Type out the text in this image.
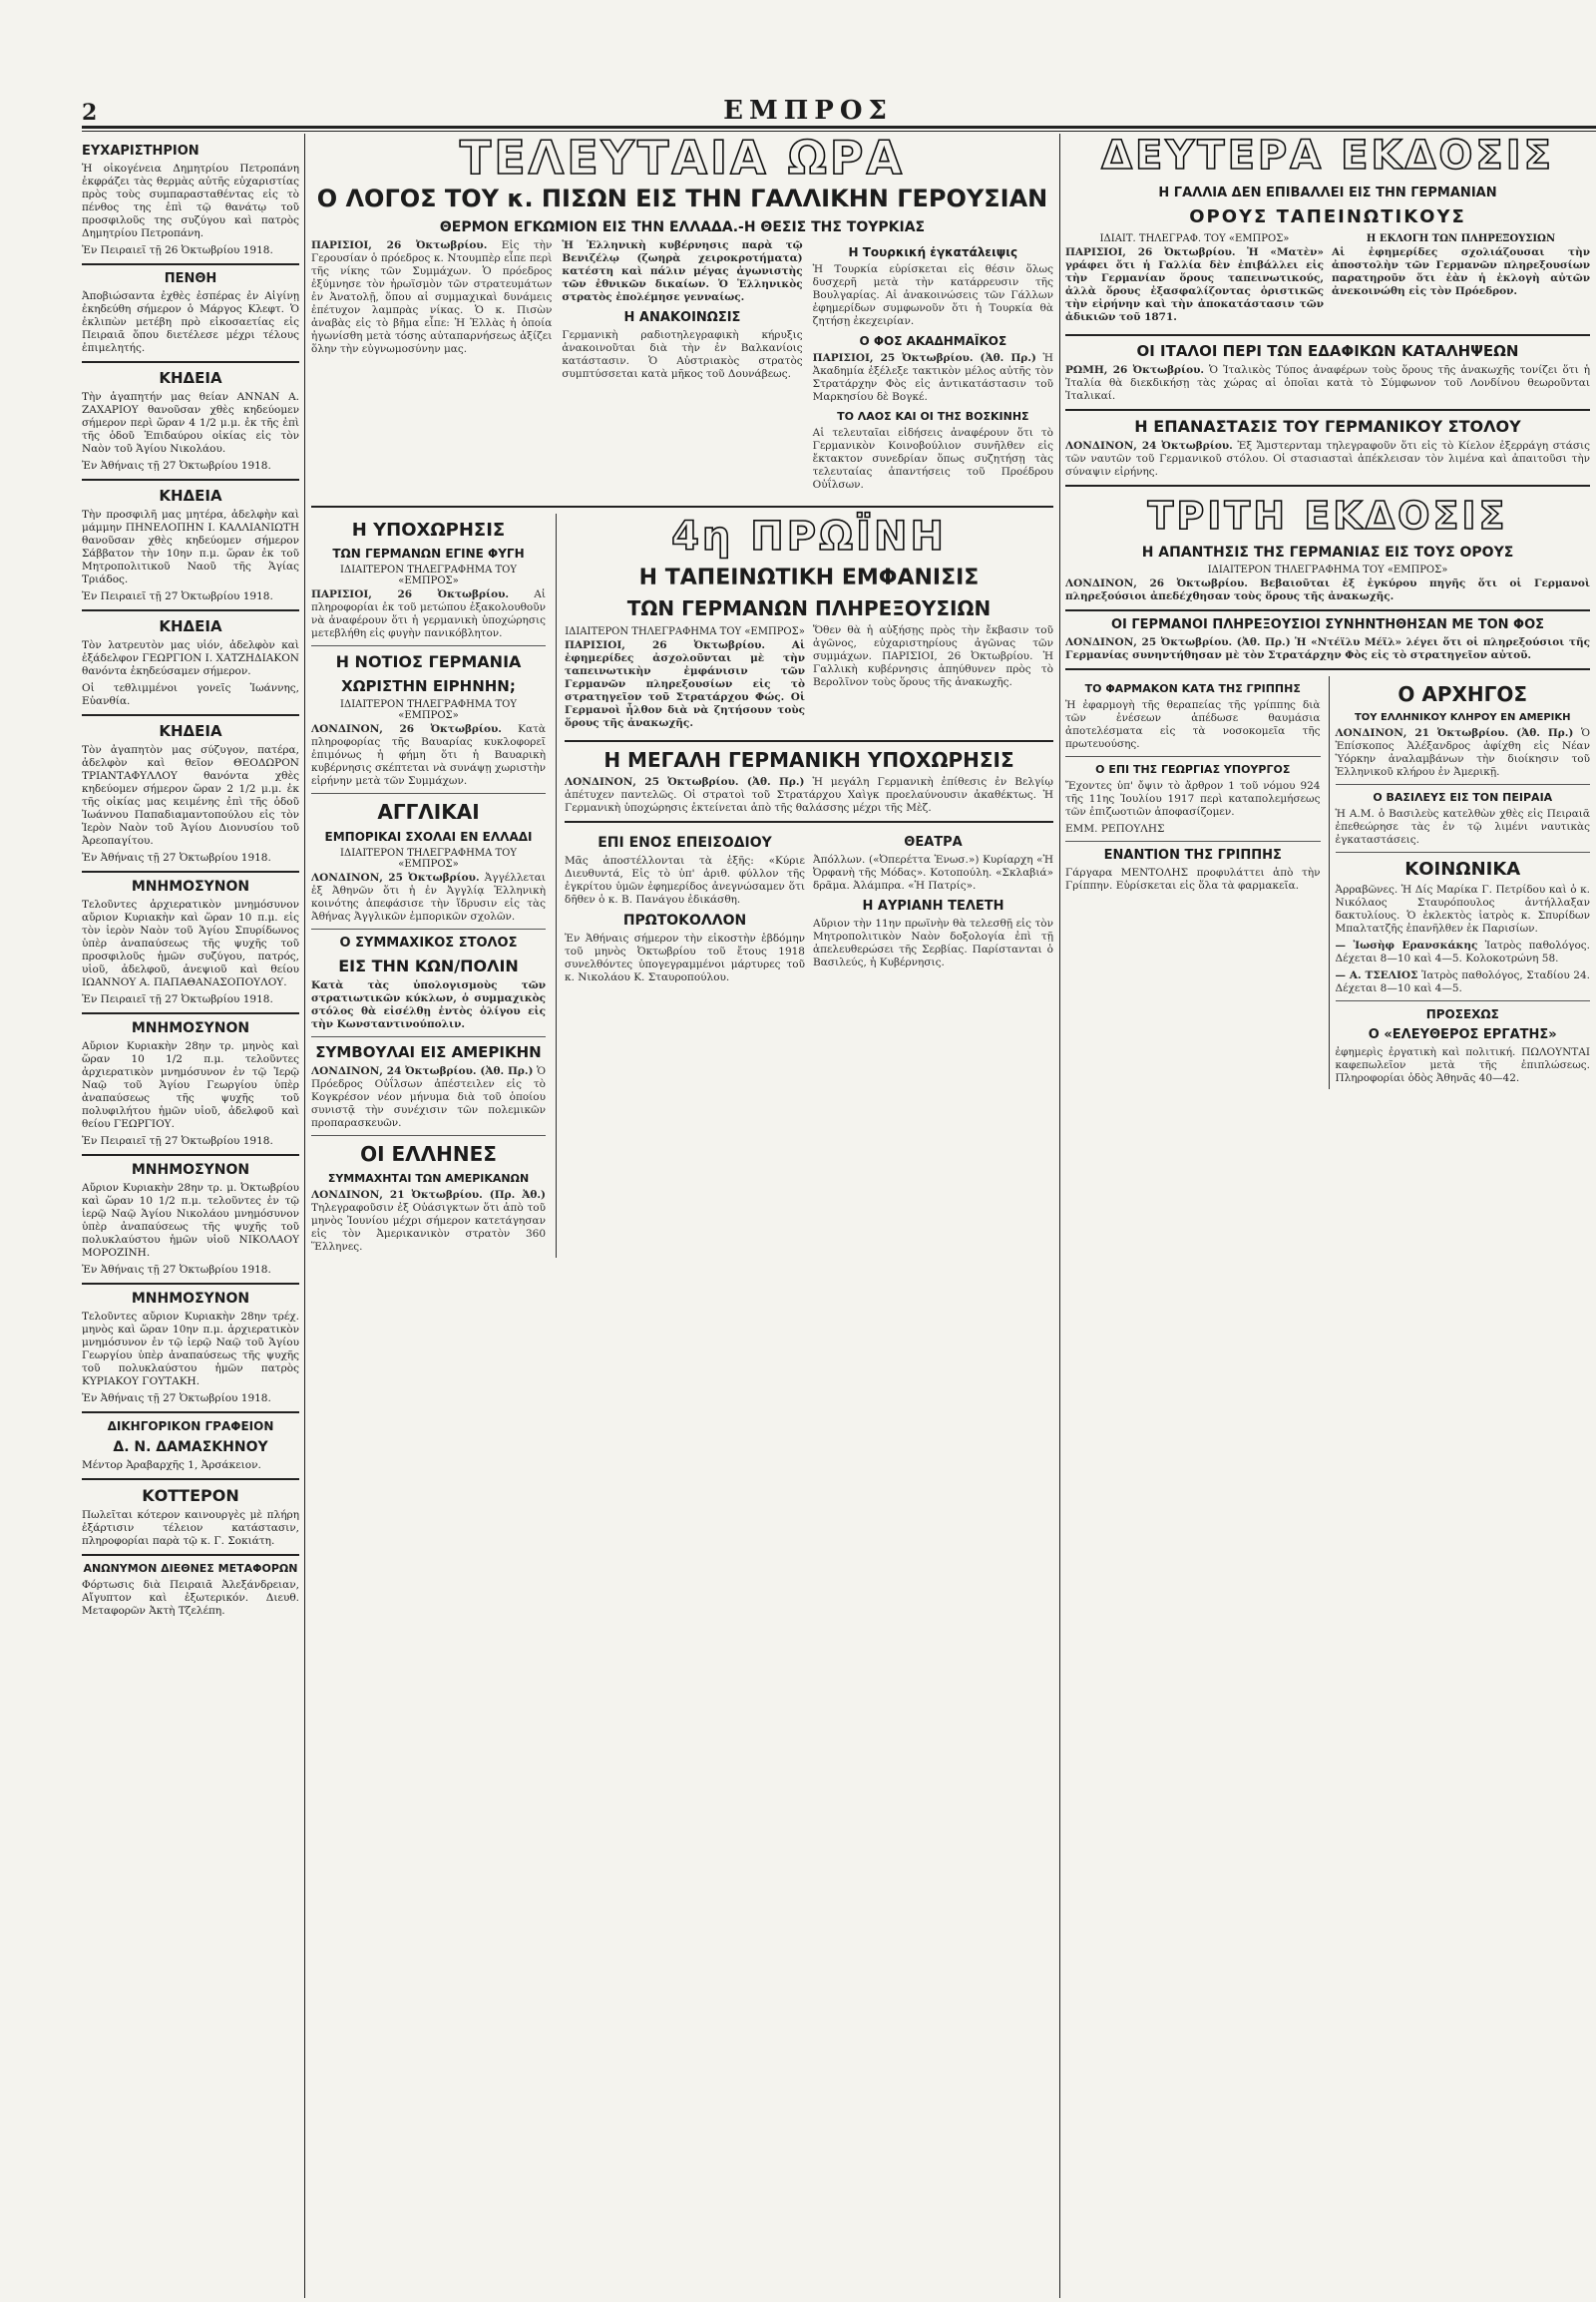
2	ΕΜΠΡΟΣ
ΕΥΧΑΡΙΣΤΗΡΙΟΝ

Ἡ οἰκογένεια Δημητρίου Πετροπάνη ἐκφράζει τὰς θερμὰς αὐτῆς εὐχαριστίας πρὸς τοὺς συμπαρασταθέντας εἰς τὸ πένθος της ἐπὶ τῷ θανάτῳ τοῦ προσφιλοῦς της συζύγου καὶ πατρὸς Δημητρίου Πετροπάνη.

Ἐν Πειραιεῖ τῇ 26 Ὀκτωβρίου 1918.

ΠΕΝΘΗ

Ἀποβιώσαντα ἐχθὲς ἐσπέρας ἐν Αἰγίνῃ ἐκηδεύθη σήμερον ὁ Μάργος Κλεφτ. Ὁ ἐκλιπὼν μετέβη πρὸ εἰκοσαετίας εἰς Πειραιᾶ ὅπου διετέλεσε μέχρι τέλους ἐπιμελητής.

ΚΗΔΕΙΑ

Τὴν ἀγαπητήν μας θείαν ΑΝΝΑΝ Α. ΖΑΧΑΡΙΟΥ θανοῦσαν χθὲς κηδεύομεν σήμερον περὶ ὥραν 4 1/2 μ.μ. ἐκ τῆς ἐπὶ τῆς ὁδοῦ Ἐπιδαύρου οἰκίας εἰς τὸν Ναὸν τοῦ Ἁγίου Νικολάου.

Ἐν Ἀθήναις τῇ 27 Ὀκτωβρίου 1918.

ΚΗΔΕΙΑ

Τὴν προσφιλῆ μας μητέρα, ἀδελφὴν καὶ μάμμην ΠΗΝΕΛΟΠΗΝ Ι. ΚΑΛΛΙΑΝΙΩΤΗ θανοῦσαν χθὲς κηδεύομεν σήμερον Σάββατον τὴν 10ην π.μ. ὥραν ἐκ τοῦ Μητροπολιτικοῦ Ναοῦ τῆς Ἁγίας Τριάδος.

Ἐν Πειραιεῖ τῇ 27 Ὀκτωβρίου 1918.

ΚΗΔΕΙΑ

Τὸν λατρευτὸν μας υἱόν, ἀδελφὸν καὶ ἐξάδελφον ΓΕΩΡΓΙΟΝ Ι. ΧΑΤΖΗΔΙΑΚΟΝ θανόντα ἐκηδεύσαμεν σήμερον.

Οἱ τεθλιμμένοι γονεῖς Ἰωάννης, Εὐανθία.

ΚΗΔΕΙΑ

Τὸν ἀγαπητὸν μας σύζυγον, πατέρα, ἀδελφὸν καὶ θεῖον ΘΕΟΔΩΡΟΝ ΤΡΙΑΝΤΑΦΥΛΛΟΥ θανόντα χθὲς κηδεύομεν σήμερον ὥραν 2 1/2 μ.μ. ἐκ τῆς οἰκίας μας κειμένης ἐπὶ τῆς ὁδοῦ Ἰωάννου Παπαδιαμαντοπούλου εἰς τὸν Ἱερὸν Ναὸν τοῦ Ἁγίου Διονυσίου τοῦ Ἀρεοπαγίτου.

Ἐν Ἀθήναις τῇ 27 Ὀκτωβρίου 1918.

ΜΝΗΜΟΣΥΝΟΝ

Τελοῦντες ἀρχιερατικὸν μνημόσυνον αὔριον Κυριακὴν καὶ ὥραν 10 π.μ. εἰς τὸν ἱερὸν Ναὸν τοῦ Ἁγίου Σπυρίδωνος ὑπὲρ ἀναπαύσεως τῆς ψυχῆς τοῦ προσφιλοῦς ἡμῶν συζύγου, πατρός, υἱοῦ, ἀδελφοῦ, ἀνεψιοῦ καὶ θείου ΙΩΑΝΝΟΥ Α. ΠΑΠΑΘΑΝΑΣΟΠΟΥΛΟΥ.

Ἐν Πειραιεῖ τῇ 27 Ὀκτωβρίου 1918.

ΜΝΗΜΟΣΥΝΟΝ

Αὔριον Κυριακὴν 28ην τρ. μηνὸς καὶ ὥραν 10 1/2 π.μ. τελοῦντες ἀρχιερατικὸν μνημόσυνον ἐν τῷ Ἱερῷ Ναῷ τοῦ Ἁγίου Γεωργίου ὑπὲρ ἀναπαύσεως τῆς ψυχῆς τοῦ πολυφιλήτου ἡμῶν υἱοῦ, ἀδελφοῦ καὶ θείου ΓΕΩΡΓΙΟΥ.

Ἐν Πειραιεῖ τῇ 27 Ὀκτωβρίου 1918.

ΜΝΗΜΟΣΥΝΟΝ

Αὔριον Κυριακὴν 28ην τρ. μ. Ὀκτωβρίου καὶ ὥραν 10 1/2 π.μ. τελοῦντες ἐν τῷ ἱερῷ Ναῷ Ἁγίου Νικολάου μνημόσυνον ὑπὲρ ἀναπαύσεως τῆς ψυχῆς τοῦ πολυκλαύστου ἡμῶν υἱοῦ ΝΙΚΟΛΑΟΥ ΜΟΡΟΖΙΝΗ.

Ἐν Ἀθήναις τῇ 27 Ὀκτωβρίου 1918.

ΜΝΗΜΟΣΥΝΟΝ

Τελοῦντες αὔριον Κυριακὴν 28ην τρέχ. μηνὸς καὶ ὥραν 10ην π.μ. ἀρχιερατικὸν μνημόσυνον ἐν τῷ ἱερῷ Ναῷ τοῦ Ἁγίου Γεωργίου ὑπὲρ ἀναπαύσεως τῆς ψυχῆς τοῦ πολυκλαύστου ἡμῶν πατρὸς ΚΥΡΙΑΚΟΥ ΓΟΥΤΑΚΗ.

Ἐν Ἀθήναις τῇ 27 Ὀκτωβρίου 1918.

ΔΙΚΗΓΟΡΙΚΟΝ ΓΡΑΦΕΙΟΝ
Δ. Ν. ΔΑΜΑΣΚΗΝΟΥ

Μέντορ Ἀραβαρχῆς 1, Ἀρσάκειον.

ΚΟΤΤΕΡΟΝ

Πωλεῖται κότερον καινουργὲς μὲ πλήρη ἐξάρτισιν τέλειον κατάστασιν, πληροφορίαι παρὰ τῷ κ. Γ. Σοκιάτη.

ΑΝΩΝΥΜΟΝ ΔΙΕΘΝΕΣ ΜΕΤΑΦΟΡΩΝ

Φόρτωσις διὰ Πειραιᾶ Ἀλεξάνδρειαν, Αἴγυπτον καὶ ἐξωτερικόν. Διευθ. Μεταφορῶν Ἀκτὴ Τζελέπη.

ΤΕΛΕΥΤΑΙΑ ΩΡΑ
Ο ΛΟΓΟΣ ΤΟΥ κ. ΠΙΣΩΝ ΕΙΣ ΤΗΝ ΓΑΛΛΙΚΗΝ ΓΕΡΟΥΣΙΑΝ
ΘΕΡΜΟΝ ΕΓΚΩΜΙΟΝ ΕΙΣ ΤΗΝ ΕΛΛΑΔΑ.-Η ΘΕΣΙΣ ΤΗΣ ΤΟΥΡΚΙΑΣ

ΠΑΡΙΣΙΟΙ, 26 Ὀκτωβρίου. Εἰς τὴν Γερουσίαν ὁ πρόεδρος κ. Ντουμπὲρ εἶπε περὶ τῆς νίκης τῶν Συμμάχων. Ὁ πρόεδρος ἐξύμνησε τὸν ἡρωϊσμὸν τῶν στρατευμάτων ἐν Ἀνατολῇ, ὅπου αἱ συμμαχικαὶ δυνάμεις ἐπέτυχον λαμπρὰς νίκας. Ὁ κ. Πισὼν ἀναβὰς εἰς τὸ βῆμα εἶπε: Ἡ Ἑλλὰς ἡ ὁποία ἠγωνίσθη μετὰ τόσης αὐταπαρνήσεως ἀξίζει ὅλην τὴν εὐγνωμοσύνην μας.

Ἡ Ἑλληνικὴ κυβέρνησις παρὰ τῷ Βενιζέλῳ (ζωηρὰ χειροκροτήματα) κατέστη καὶ πάλιν μέγας ἀγωνιστὴς τῶν ἐθνικῶν δικαίων. Ὁ Ἑλληνικὸς στρατὸς ἐπολέμησε γενναίως.

Η ΑΝΑΚΟΙΝΩΣΙΣ

Γερμανικὴ ραδιοτηλεγραφικὴ κήρυξις ἀνακοινοῦται διὰ τὴν ἐν Βαλκανίοις κατάστασιν. Ὁ Αὐστριακὸς στρατὸς συμπτύσσεται κατὰ μῆκος τοῦ Δουνάβεως.

Η Τουρκική ἐγκατάλειψις

Ἡ Τουρκία εὑρίσκεται εἰς θέσιν ὅλως δυσχερῆ μετὰ τὴν κατάρρευσιν τῆς Βουλγαρίας. Αἱ ἀνακοινώσεις τῶν Γάλλων ἐφημερίδων συμφωνοῦν ὅτι ἡ Τουρκία θὰ ζητήσῃ ἐκεχειρίαν.

Ο ΦΟΣ ΑΚΑΔΗΜΑΪΚΟΣ

ΠΑΡΙΣΙΟΙ, 25 Ὀκτωβρίου. (Ἀθ. Πρ.) Ἡ Ἀκαδημία ἐξέλεξε τακτικὸν μέλος αὐτῆς τὸν Στρατάρχην Φὸς εἰς ἀντικατάστασιν τοῦ Μαρκησίου δὲ Βογκέ.

ΤΟ ΛΑΟΣ ΚΑΙ ΟΙ ΤΗΣ ΒΟΣΚΙΝΗΣ

Αἱ τελευταῖαι εἰδήσεις ἀναφέρουν ὅτι τὸ Γερμανικὸν Κοινοβούλιον συνῆλθεν εἰς ἔκτακτον συνεδρίαν ὅπως συζητήσῃ τὰς τελευταίας ἀπαντήσεις τοῦ Προέδρου Οὐΐλσων.

Η ΥΠΟΧΩΡΗΣΙΣ
ΤΩΝ ΓΕΡΜΑΝΩΝ ΕΓΙΝΕ ΦΥΓΗ
ΙΔΙΑΙΤΕΡΟΝ ΤΗΛΕΓΡΑΦΗΜΑ ΤΟΥ «ΕΜΠΡΟΣ»

ΠΑΡΙΣΙΟΙ, 26 Ὀκτωβρίου. Αἱ πληροφορίαι ἐκ τοῦ μετώπου ἐξακολουθοῦν νὰ ἀναφέρουν ὅτι ἡ γερμανικὴ ὑποχώρησις μετεβλήθη εἰς φυγὴν πανικόβλητον.

Η ΝΟΤΙΟΣ ΓΕΡΜΑΝΙΑ
ΧΩΡΙΣΤΗΝ ΕΙΡΗΝΗΝ;
ΙΔΙΑΙΤΕΡΟΝ ΤΗΛΕΓΡΑΦΗΜΑ ΤΟΥ «ΕΜΠΡΟΣ»

ΛΟΝΔΙΝΟΝ, 26 Ὀκτωβρίου. Κατὰ πληροφορίας τῆς Βαυαρίας κυκλοφορεῖ ἐπιμόνως ἡ φήμη ὅτι ἡ Βαυαρικὴ κυβέρνησις σκέπτεται νὰ συνάψῃ χωριστὴν εἰρήνην μετὰ τῶν Συμμάχων.

ΑΓΓΛΙΚΑΙ
ΕΜΠΟΡΙΚΑΙ ΣΧΟΛΑΙ ΕΝ ΕΛΛΑΔΙ
ΙΔΙΑΙΤΕΡΟΝ ΤΗΛΕΓΡΑΦΗΜΑ ΤΟΥ «ΕΜΠΡΟΣ»

ΛΟΝΔΙΝΟΝ, 25 Ὀκτωβρίου. Ἀγγέλλεται ἐξ Ἀθηνῶν ὅτι ἡ ἐν Ἀγγλίᾳ Ἑλληνικὴ κοινότης ἀπεφάσισε τὴν ἵδρυσιν εἰς τὰς Ἀθήνας Ἀγγλικῶν ἐμπορικῶν σχολῶν.

Ο ΣΥΜΜΑΧΙΚΟΣ ΣΤΟΛΟΣ
ΕΙΣ ΤΗΝ ΚΩΝ/ΠΟΛΙΝ

Κατὰ τὰς ὑπολογισμοὺς τῶν στρατιωτικῶν κύκλων, ὁ συμμαχικὸς στόλος θὰ εἰσέλθῃ ἐντὸς ὀλίγου εἰς τὴν Κωνσταντινούπολιν.

ΣΥΜΒΟΥΛΑΙ ΕΙΣ ΑΜΕΡΙΚΗΝ

ΛΟΝΔΙΝΟΝ, 24 Ὀκτωβρίου. (Ἀθ. Πρ.) Ὁ Πρόεδρος Οὐΐλσων ἀπέστειλεν εἰς τὸ Κογκρέσον νέον μήνυμα διὰ τοῦ ὁποίου συνιστᾷ τὴν συνέχισιν τῶν πολεμικῶν προπαρασκευῶν.

ΟΙ ΕΛΛΗΝΕΣ
ΣΥΜΜΑΧΗΤΑΙ ΤΩΝ ΑΜΕΡΙΚΑΝΩΝ

ΛΟΝΔΙΝΟΝ, 21 Ὀκτωβρίου. (Πρ. Ἀθ.) Τηλεγραφοῦσιν ἐξ Οὐάσιγκτων ὅτι ἀπὸ τοῦ μηνὸς Ἰουνίου μέχρι σήμερον κατετάγησαν εἰς τὸν Ἀμερικανικὸν στρατὸν 360 Ἕλληνες.

4η ΠΡΩΪΝΗ
Η ΤΑΠΕΙΝΩΤΙΚΗ ΕΜΦΑΝΙΣΙΣ
ΤΩΝ ΓΕΡΜΑΝΩΝ ΠΛΗΡΕΞΟΥΣΙΩΝ
ΙΔΙΑΙΤΕΡΟΝ ΤΗΛΕΓΡΑΦΗΜΑ ΤΟΥ «ΕΜΠΡΟΣ»

ΠΑΡΙΣΙΟΙ, 26 Ὀκτωβρίου.	Αἱ ἐφημερίδες ἀσχολοῦνται μὲ τὴν ταπεινωτικὴν ἐμφάνισιν τῶν Γερμανῶν πληρεξουσίων εἰς τὸ στρατηγεῖον τοῦ Στρατάρχου Φώς. Οἱ Γερμανοὶ ἦλθον διὰ νὰ ζητήσουν τοὺς ὅρους τῆς ἀνακωχῆς.

Ὅθεν θὰ ἡ αὐξήσῃς πρὸς τὴν ἔκβασιν τοῦ ἀγῶνος, εὐχαριστηρίους ἀγῶνας τῶν συμμάχων. ΠΑΡΙΣΙΟΙ, 26 Ὀκτωβρίου. Ἡ Γαλλικὴ κυβέρνησις ἀπηύθυνεν πρὸς τὸ Βερολῖνον τοὺς ὅρους τῆς ἀνακωχῆς.

Η ΜΕΓΑΛΗ ΓΕΡΜΑΝΙΚΗ ΥΠΟΧΩΡΗΣΙΣ

ΛΟΝΔΙΝΟΝ, 25 Ὀκτωβρίου. (Ἀθ. Πρ.) Ἡ μεγάλη Γερμανικὴ ἐπίθεσις ἐν Βελγίῳ ἀπέτυχεν παντελῶς. Οἱ στρατοὶ τοῦ Στρατάρχου Χαὶγκ προελαύνουσιν ἀκαθέκτως. Ἡ Γερμανικὴ ὑποχώρησις ἐκτείνεται ἀπὸ τῆς θαλάσσης μέχρι τῆς Μὲζ.

ΕΠΙ ΕΝΟΣ ΕΠΕΙΣΟΔΙΟΥ

Μᾶς ἀποστέλλονται τὰ ἑξῆς: «Κύριε Διευθυντά, Εἰς τὸ ὑπ' ἀριθ. φύλλον τῆς ἐγκρίτου ὑμῶν ἐφημερίδος ἀνεγνώσαμεν ὅτι δῆθεν ὁ κ. Β. Πανάγου ἐδικάσθη.

ΠΡΩΤΟΚΟΛΛΟΝ

Ἐν Ἀθήναις σήμερον τὴν εἰκοστὴν ἑβδόμην τοῦ μηνὸς Ὀκτωβρίου τοῦ ἔτους 1918 συνελθόντες ὑπογεγραμμένοι μάρτυρες τοῦ κ. Νικολάου Κ. Σταυροπούλου.

ΘΕΑΤΡΑ

Ἀπόλλων. («Ὀπερέττα Ἐνωσ.») Κυρίαρχη «Ἡ Ὀρφανὴ τῆς Μόδας». Κοτοπούλη. «Σκλαβιά» δρᾶμα. Ἀλάμπρα. «Ἡ Πατρίς».

Η ΑΥΡΙΑΝΗ ΤΕΛΕΤΗ

Αὔριον τὴν 11ην πρωϊνὴν θὰ τελεσθῇ εἰς τὸν Μητροπολιτικὸν Ναὸν δοξολογία ἐπὶ τῇ ἀπελευθερώσει τῆς Σερβίας. Παρίστανται ὁ Βασιλεύς, ἡ Κυβέρνησις.

ΔΕΥΤΕΡΑ ΕΚΔΟΣΙΣ
Η ΓΑΛΛΙΑ ΔΕΝ ΕΠΙΒΑΛΛΕΙ ΕΙΣ ΤΗΝ ΓΕΡΜΑΝΙΑΝ
ΟΡΟΥΣ ΤΑΠΕΙΝΩΤΙΚΟΥΣ
ΙΔΙΑΙΤ. ΤΗΛΕΓΡΑΦ. ΤΟΥ «ΕΜΠΡΟΣ»

ΠΑΡΙΣΙΟΙ, 26 Ὀκτωβρίου. Ἡ «Ματὲν» γράφει ὅτι ἡ Γαλλία δὲν ἐπιβάλλει εἰς τὴν Γερμανίαν ὅρους ταπεινωτικούς, ἀλλὰ ὅρους ἐξασφαλίζοντας ὁριστικῶς τὴν εἰρήνην καὶ τὴν ἀποκατάστασιν τῶν ἀδικιῶν τοῦ 1871.

Η ΕΚΛΟΓΗ ΤΩΝ ΠΛΗΡΕΞΟΥΣΙΩΝ

Αἱ ἐφημερίδες σχολιάζουσαι τὴν ἀποστολὴν τῶν Γερμανῶν πληρεξουσίων παρατηροῦν ὅτι ἐὰν ἡ ἐκλογὴ αὐτῶν ἀνεκοινώθη εἰς τὸν Πρόεδρον.

ΟΙ ΙΤΑΛΟΙ ΠΕΡΙ ΤΩΝ ΕΔΑΦΙΚΩΝ ΚΑΤΑΛΗΨΕΩΝ

ΡΩΜΗ, 26 Ὀκτωβρίου. Ὁ Ἰταλικὸς Τύπος ἀναφέρων τοὺς ὅρους τῆς ἀνακωχῆς τονίζει ὅτι ἡ Ἰταλία θὰ διεκδικήσῃ τὰς χώρας αἱ ὁποῖαι κατὰ τὸ Σύμφωνον τοῦ Λονδίνου θεωροῦνται Ἰταλικαί.

Η ΕΠΑΝΑΣΤΑΣΙΣ ΤΟΥ ΓΕΡΜΑΝΙΚΟΥ ΣΤΟΛΟΥ

ΛΟΝΔΙΝΟΝ, 24 Ὀκτωβρίου. Ἐξ Ἄμστερνταμ τηλεγραφοῦν ὅτι εἰς τὸ Κίελον ἐξερράγη στάσις τῶν ναυτῶν τοῦ Γερμανικοῦ στόλου. Οἱ στασιασταὶ ἀπέκλεισαν τὸν λιμένα καὶ ἀπαιτοῦσι τὴν σύναψιν εἰρήνης.

ΤΡΙΤΗ ΕΚΔΟΣΙΣ
Η ΑΠΑΝΤΗΣΙΣ ΤΗΣ ΓΕΡΜΑΝΙΑΣ ΕΙΣ ΤΟΥΣ ΟΡΟΥΣ
ΙΔΙΑΙΤΕΡΟΝ ΤΗΛΕΓΡΑΦΗΜΑ ΤΟΥ «ΕΜΠΡΟΣ»

ΛΟΝΔΙΝΟΝ, 26 Ὀκτωβρίου. Βεβαιοῦται ἐξ ἐγκύρου πηγῆς ὅτι οἱ Γερμανοὶ πληρεξούσιοι ἀπεδέχθησαν τοὺς ὅρους τῆς ἀνακωχῆς.

ΟΙ ΓΕΡΜΑΝΟΙ ΠΛΗΡΕΞΟΥΣΙΟΙ ΣΥΝΗΝΤΗΘΗΣΑΝ ΜΕ ΤΟΝ ΦΟΣ

ΛΟΝΔΙΝΟΝ, 25 Ὀκτωβρίου. (Ἀθ. Πρ.) Ἡ «Ντέϊλυ Μέϊλ» λέγει ὅτι οἱ πληρεξούσιοι τῆς Γερμανίας συνηντήθησαν μὲ τὸν Στρατάρχην Φὸς εἰς τὸ στρατηγεῖον αὐτοῦ.

ΤΟ ΦΑΡΜΑΚΟΝ ΚΑΤΑ ΤΗΣ ΓΡΙΠΠΗΣ

Ἡ ἐφαρμογὴ τῆς θεραπείας τῆς γρίππης διὰ τῶν ἐνέσεων ἀπέδωσε θαυμάσια ἀποτελέσματα εἰς τὰ νοσοκομεῖα τῆς πρωτευούσης.

Ο ΕΠΙ ΤΗΣ ΓΕΩΡΓΙΑΣ ΥΠΟΥΡΓΟΣ

Ἔχοντες ὑπ' ὄψιν τὸ ἄρθρον 1 τοῦ νόμου 924 τῆς 11ης Ἰουλίου 1917 περὶ καταπολεμήσεως τῶν ἐπιζωοτιῶν ἀποφασίζομεν.

ΕΜΜ. ΡΕΠΟΥΛΗΣ

ΕΝΑΝΤΙΟΝ ΤΗΣ ΓΡΙΠΠΗΣ

Γάργαρα ΜΕΝΤΟΛΗΣ προφυλάττει ἀπὸ τὴν Γρίππην. Εὑρίσκεται εἰς ὅλα τὰ φαρμακεῖα.

Ο ΑΡΧΗΓΟΣ
ΤΟΥ ΕΛΛΗΝΙΚΟΥ ΚΛΗΡΟΥ ΕΝ ΑΜΕΡΙΚΗ

ΛΟΝΔΙΝΟΝ, 21 Ὀκτωβρίου. (Ἀθ. Πρ.) Ὁ Ἐπίσκοπος Ἀλέξανδρος ἀφίχθη εἰς Νέαν Ὑόρκην ἀναλαμβάνων τὴν διοίκησιν τοῦ Ἑλληνικοῦ κλήρου ἐν Ἀμερικῇ.

Ο ΒΑΣΙΛΕΥΣ ΕΙΣ ΤΟΝ ΠΕΙΡΑΙΑ

Ἡ Α.Μ. ὁ Βασιλεὺς κατελθὼν χθὲς εἰς Πειραιᾶ ἐπεθεώρησε τὰς ἐν τῷ λιμένι ναυτικὰς ἐγκαταστάσεις.

ΚΟΙΝΩΝΙΚΑ

Ἀρραβῶνες. Ἡ Δίς Μαρίκα Γ. Πετρίδου καὶ ὁ κ. Νικόλαος Σταυρόπουλος ἀντήλλαξαν δακτυλίους. Ὁ ἐκλεκτὸς ἰατρὸς κ. Σπυρίδων Μπαλτατζῆς ἐπανῆλθεν ἐκ Παρισίων.

— Ἰωσὴφ Ερανσκάκης Ἰατρὸς παθολόγος. Δέχεται 8—10 καὶ 4—5. Κολοκοτρώνη 58.

— Α. ΤΣΕΛΙΟΣ Ἰατρὸς παθολόγος, Σταδίου 24. Δέχεται 8—10 καὶ 4—5.

ΠΡΟΣΕΧΩΣ
Ο «ΕΛΕΥΘΕΡΟΣ ΕΡΓΑΤΗΣ»

ἐφημερὶς ἐργατικὴ καὶ πολιτική. ΠΩΛΟΥΝΤΑΙ καφεπωλεῖον μετὰ τῆς ἐπιπλώσεως. Πληροφορίαι ὁδὸς Ἀθηνᾶς 40—42.
